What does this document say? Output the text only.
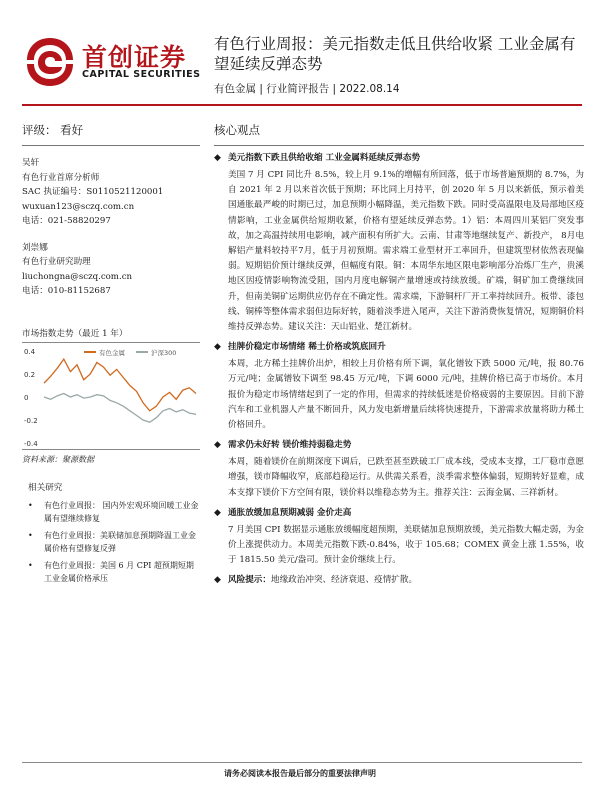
首创证券
CAPITAL SECURITIES
有色行业周报：美元指数走低且供给收紧 工业金属有望延续反弹态势
有色金属 | 行业简评报告 | 2022.08.14
评级： 看好
吴轩
有色行业首席分析师
SAC 执证编号：S0110521120001
wuxuan123@sczq.com.cn
电话：021-58820297
刘崇娜
有色行业研究助理
liuchongna@sczq.com.cn
电话：010-81152687
市场指数走势（最近 1 年）
0.4
0.2
0
-0.2
-0.4
有色金属	沪深300
资料来源：聚源数据
相关研究
• 有色行业周报： 国内外宏观环境回暖工业金属有望继续修复
• 有色行业周报：美联储加息預期降温工业金属价格有望修复反弹
• 有色行业周报：美国 6 月 CPI 超预期短期工业金属价格承压
核心观点
◆ 美元指数下跌且供给收缩 工业金属料延续反弹态势
美国 7 月 CPI 同比升 8.5%，较上月 9.1%的增幅有所回落，低于市场普遍预期的 8.7%，为自 2021 年 2 月以来首次低于预期；环比同上月持平，创 2020 年 5 月以来新低，预示着美国通胀最严峻的时期已过，加息预期小幅降温，美元指数下跌。同时受高温限电及局部地区疫情影响，工业金属供给短期收紧，价格有望延续反弹态势。1）铝：本周四川某铝厂突发事故，加之高温持续用电影响，减产面积有所扩大。云南、甘肃等地继续复产、新投产， 8月电解铝产量料较持平7月，低于月初预期。需求端工业型材开工率回升，但建筑型材依然表现偏弱。短期铝价预计继续反弹，但幅度有限。铜：本周华东地区限电影响部分冶炼厂生产，贵溪地区因疫情影响物流受阻，国内月度电解铜产量增速或持续放缓。矿端，铜矿加工费继续回升，但南美铜矿运期供应仍存在不确定性。需求端，下游铜杆厂开工率持续回升。板带、漆包线、铜棒等整体需求弱但边际好转，随着淡季进入尾声，关注下游消费恢复情况，短期铜价料维持反弹态势。建议关注：天山铝业、楚江新材。
◆ 挂牌价稳定市场情绪 稀土价格或筑底回升
本周，北方稀土挂牌价出炉，相较上月价格有所下调，氧化镨钕下跌 5000 元/吨，报 80.76 万元/吨；金属镨钕下调至 98.45 万元/吨，下调 6000 元/吨，挂牌价格已高于市场价。本月报价为稳定市场情绪起到了一定的作用，但需求的持续低迷是价格疲弱的主要原因。目前下游汽车和工业机器人产量不断回升，风力发电新增量后续将快速提升，下游需求放量将助力稀土价格回升。
◆ 需求仍未好转 镁价维持弱稳走势
本周，随着镁价在前期深度下调后，已跌至甚至跌破工厂成本线，受成本支撑，工厂稳市意愿增强，镁市降幅收窄，底部趋稳运行。从供需关系看，淡季需求整体偏弱，短期转好显难，成本支撑下镁价下方空间有限，镁价料以维稳态势为主。推荐关注：云海金属、三祥新材。
◆ 通胀放缓加息预期减弱 金价走高
7 月美国 CPI 数据显示通胀放缓幅度超预期，美联储加息预期放缓，美元指数大幅走弱，为金价上涨提供动力。本周美元指数下跌-0.84%，收于 105.68；COMEX 黄金上涨 1.55%，收于 1815.50 美元/盎司。预计金价继续上行。
◆ 风险提示：地缘政治冲突、经济衰退、疫情扩散。
请务必阅读本报告最后部分的重要法律声明
